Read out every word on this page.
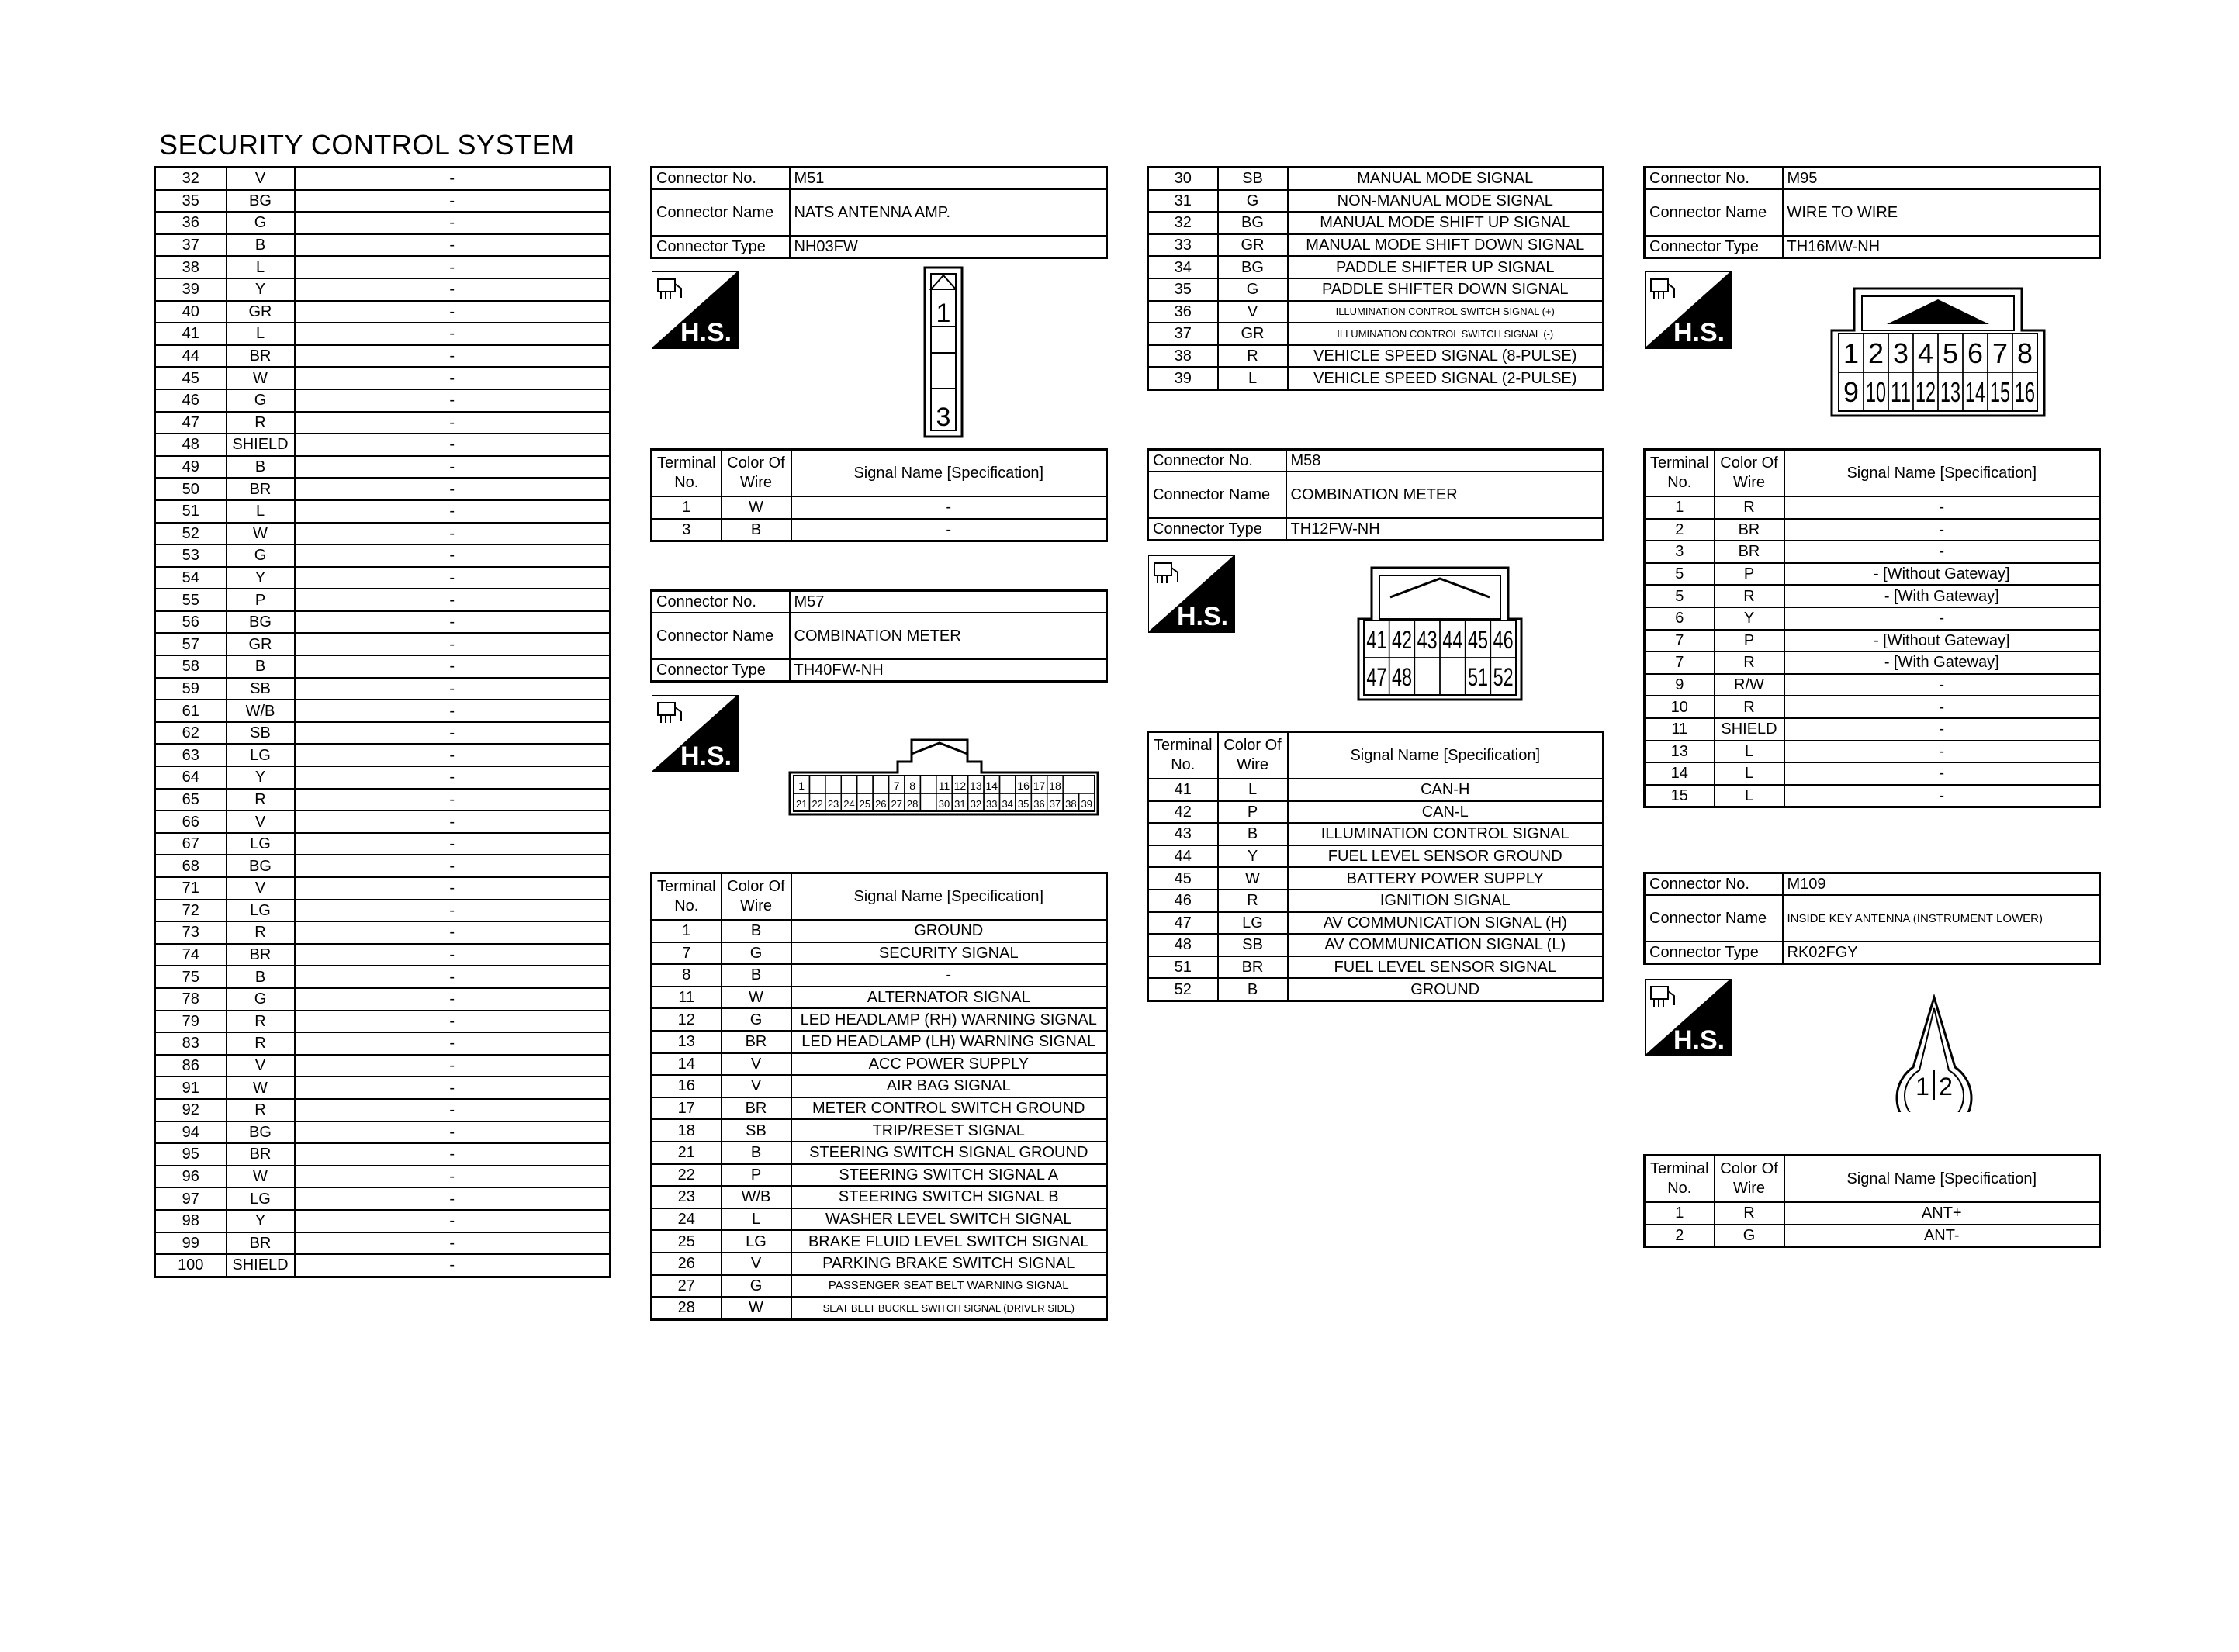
SECURITY CONTROL SYSTEM
32	V	-
35	BG	-
36	G	-
37	B	-
38	L	-
39	Y	-
40	GR	-
41	L	-
44	BR	-
45	W	-
46	G	-
47	R	-
48	SHIELD	-
49	B	-
50	BR	-
51	L	-
52	W	-
53	G	-
54	Y	-
55	P	-
56	BG	-
57	GR	-
58	B	-
59	SB	-
61	W/B	-
62	SB	-
63	LG	-
64	Y	-
65	R	-
66	V	-
67	LG	-
68	BG	-
71	V	-
72	LG	-
73	R	-
74	BR	-
75	B	-
78	G	-
79	R	-
83	R	-
86	V	-
91	W	-
92	R	-
94	BG	-
95	BR	-
96	W	-
97	LG	-
98	Y	-
99	BR	-
100	SHIELD	-
Connector No.	M51
Connector Name	NATS ANTENNA AMP.
Connector Type	NH03FW
H.S.
1
3
Terminal No.	Color Of Wire	Signal Name [Specification]
1	W	-
3	B	-
Connector No.	M57
Connector Name	COMBINATION METER
Connector Type	TH40FW-NH
H.S.
1	7 8 11 12 13 14 16 17 18
21 22 23 24 25 26 27 28 30 31 32 33 34 35 36 37 38 39
Terminal No.	Color Of Wire	Signal Name [Specification]
1	B	GROUND
7	G	SECURITY SIGNAL
8	B	-
11	W	ALTERNATOR SIGNAL
12	G	LED HEADLAMP (RH) WARNING SIGNAL
13	BR	LED HEADLAMP (LH) WARNING SIGNAL
14	V	ACC POWER SUPPLY
16	V	AIR BAG SIGNAL
17	BR	METER CONTROL SWITCH GROUND
18	SB	TRIP/RESET SIGNAL
21	B	STEERING SWITCH SIGNAL GROUND
22	P	STEERING SWITCH SIGNAL A
23	W/B	STEERING SWITCH SIGNAL B
24	L	WASHER LEVEL SWITCH SIGNAL
25	LG	BRAKE FLUID LEVEL SWITCH SIGNAL
26	V	PARKING BRAKE SWITCH SIGNAL
27	G	PASSENGER SEAT BELT WARNING SIGNAL
28	W	SEAT BELT BUCKLE SWITCH SIGNAL (DRIVER SIDE)
30	SB	MANUAL MODE SIGNAL
31	G	NON-MANUAL MODE SIGNAL
32	BG	MANUAL MODE SHIFT UP SIGNAL
33	GR	MANUAL MODE SHIFT DOWN SIGNAL
34	BG	PADDLE SHIFTER UP SIGNAL
35	G	PADDLE SHIFTER DOWN SIGNAL
36	V	ILLUMINATION CONTROL SWITCH SIGNAL (+)
37	GR	ILLUMINATION CONTROL SWITCH SIGNAL (-)
38	R	VEHICLE SPEED SIGNAL (8-PULSE)
39	L	VEHICLE SPEED SIGNAL (2-PULSE)
Connector No.	M58
Connector Name	COMBINATION METER
Connector Type	TH12FW-NH
H.S.
41 42 43 44 45 46
47 48 51 52
Terminal No.	Color Of Wire	Signal Name [Specification]
41	L	CAN-H
42	P	CAN-L
43	B	ILLUMINATION CONTROL SIGNAL
44	Y	FUEL LEVEL SENSOR GROUND
45	W	BATTERY POWER SUPPLY
46	R	IGNITION SIGNAL
47	LG	AV COMMUNICATION SIGNAL (H)
48	SB	AV COMMUNICATION SIGNAL (L)
51	BR	FUEL LEVEL SENSOR SIGNAL
52	B	GROUND
Connector No.	M95
Connector Name	WIRE TO WIRE
Connector Type	TH16MW-NH
H.S.
1 2 3 4 5 6 7 8
9 10 11 12 13 14 15 16
Terminal No.	Color Of Wire	Signal Name [Specification]
1	R	-
2	BR	-
3	BR	-
5	P	- [Without Gateway]
5	R	- [With Gateway]
6	Y	-
7	P	- [Without Gateway]
7	R	- [With Gateway]
9	R/W	-
10	R	-
11	SHIELD	-
13	L	-
14	L	-
15	L	-
Connector No.	M109
Connector Name	INSIDE KEY ANTENNA (INSTRUMENT LOWER)
Connector Type	RK02FGY
H.S.
1 2
Terminal No.	Color Of Wire	Signal Name [Specification]
1	R	ANT+
2	G	ANT-
